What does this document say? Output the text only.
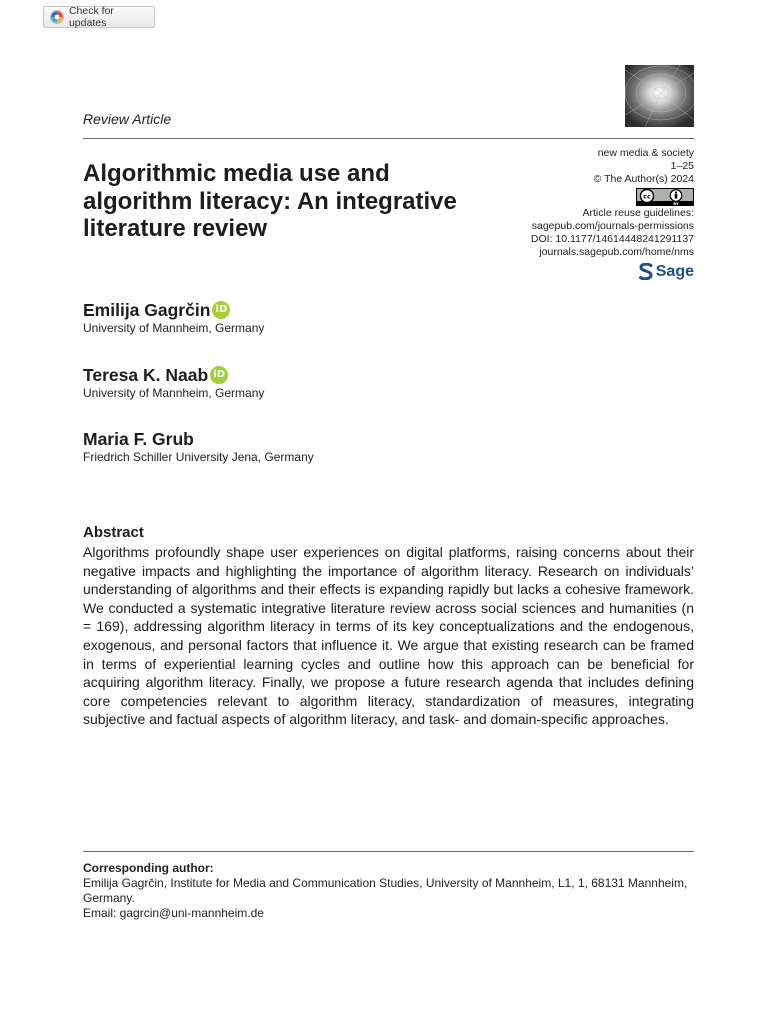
Check for updates
Review Article
Algorithmic media use and algorithm literacy: An integrative literature review
new media & society
1–25
© The Author(s) 2024
cc
BY
Article reuse guidelines:
sagepub.com/journals-permissions
DOI: 10.1177/14614448241291137
journals.sagepub.com/home/nms
Sage
Emilija Gagrčin iD
University of Mannheim, Germany
Teresa K. Naab iD
University of Mannheim, Germany
Maria F. Grub
Friedrich Schiller University Jena, Germany
Abstract

Algorithms profoundly shape user experiences on digital platforms, raising concerns about their negative impacts and highlighting the importance of algorithm literacy. Research on individuals’ understanding of algorithms and their effects is expanding rapidly but lacks a cohesive framework. We conducted a systematic integrative literature review across social sciences and humanities (n = 169), addressing algorithm literacy in terms of its key conceptualizations and the endogenous, exogenous, and personal factors that influence it. We argue that existing research can be framed in terms of experiential learning cycles and outline how this approach can be beneficial for acquiring algorithm literacy. Finally, we propose a future research agenda that includes defining core competencies relevant to algorithm literacy, standardization of measures, integrating subjective and factual aspects of algorithm literacy, and task- and domain-specific approaches.

Corresponding author:
Emilija Gagrčin, Institute for Media and Communication Studies, University of Mannheim, L1, 1, 68131 Mannheim, Germany.
Email: gagrcin@uni-mannheim.de
